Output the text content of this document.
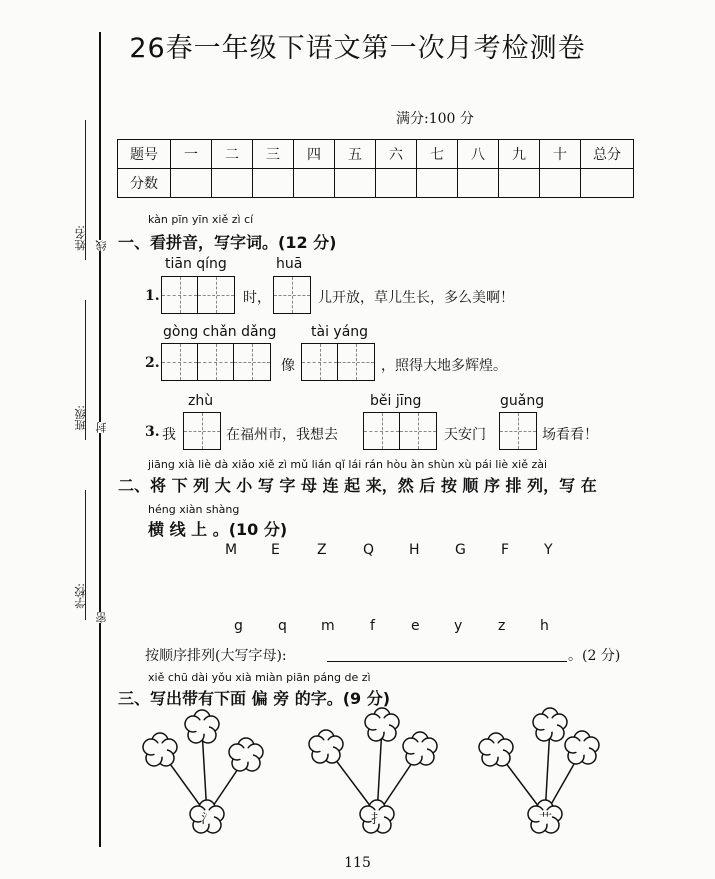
姓名:
班级:
学校:
线
封
密
26春一年级下语文第一次月考检测卷
满分:100 分
题号	一	二	三	四	五	六	七	八	九	十	总分
分数											
kàn pīn yīn xiě zì cí
一、看拼音，写字词。(12 分)
tiān qíng	huā
1.	时，	儿开放，草儿生长，多么美啊！
gòng chǎn dǎng tài yáng
2.	像	，照得大地多辉煌。
zhù	běi jīng	guǎng
3. 我	在福州市，我想去	天安门	场看看！
jiāng xià liè dà xiǎo xiě zì mǔ lián qǐ lái rán hòu àn shùn xù pái liè xiě zài
二、将 下 列 大 小 写 字 母 连 起 来，然 后 按 顺 序 排 列，写 在
héng xiàn shàng
横 线 上 。(10 分)
M E	Z	Q H	G	F Y
g	q m	f	e y	z h
按顺序排列(大写字母):	。(2 分)
xiě chū dài yǒu xià miàn piān páng de zì
三、写出带有下面 偏 旁 的字。(9 分)
氵	扌	艹
115
